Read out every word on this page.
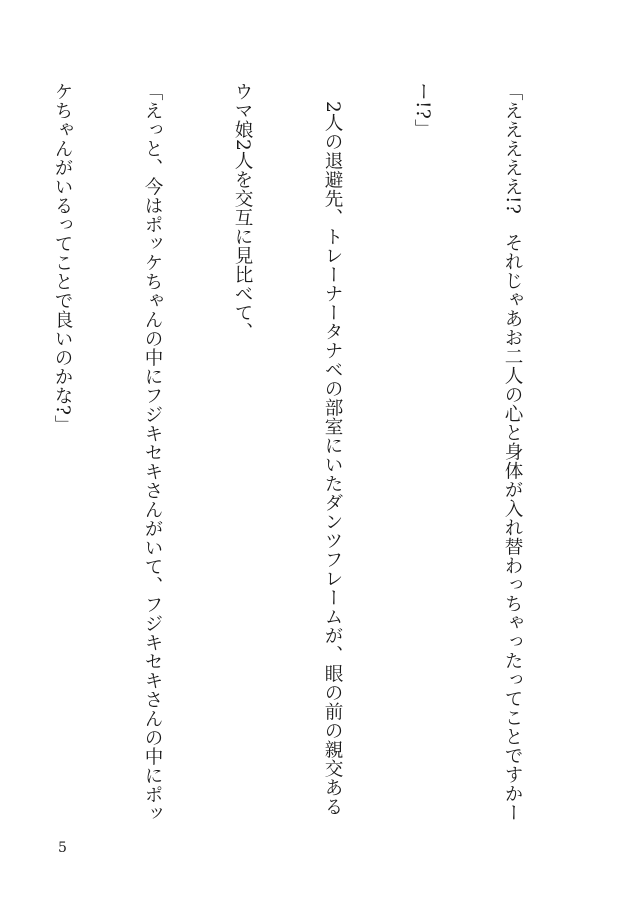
「えええええ!?　それじゃあお二人の心と身体が入れ替わっちゃったってことですかー

ー!?」

　2人の退避先、トレーナータナベの部室にいたダンツフレームが、眼の前の親交ある

ウマ娘2人を交互に見比べて、

「えっと、今はポッケちゃんの中にフジキセキさんがいて、フジキセキさんの中にポッ

ケちゃんがいるってことで良いのかな?」

5
